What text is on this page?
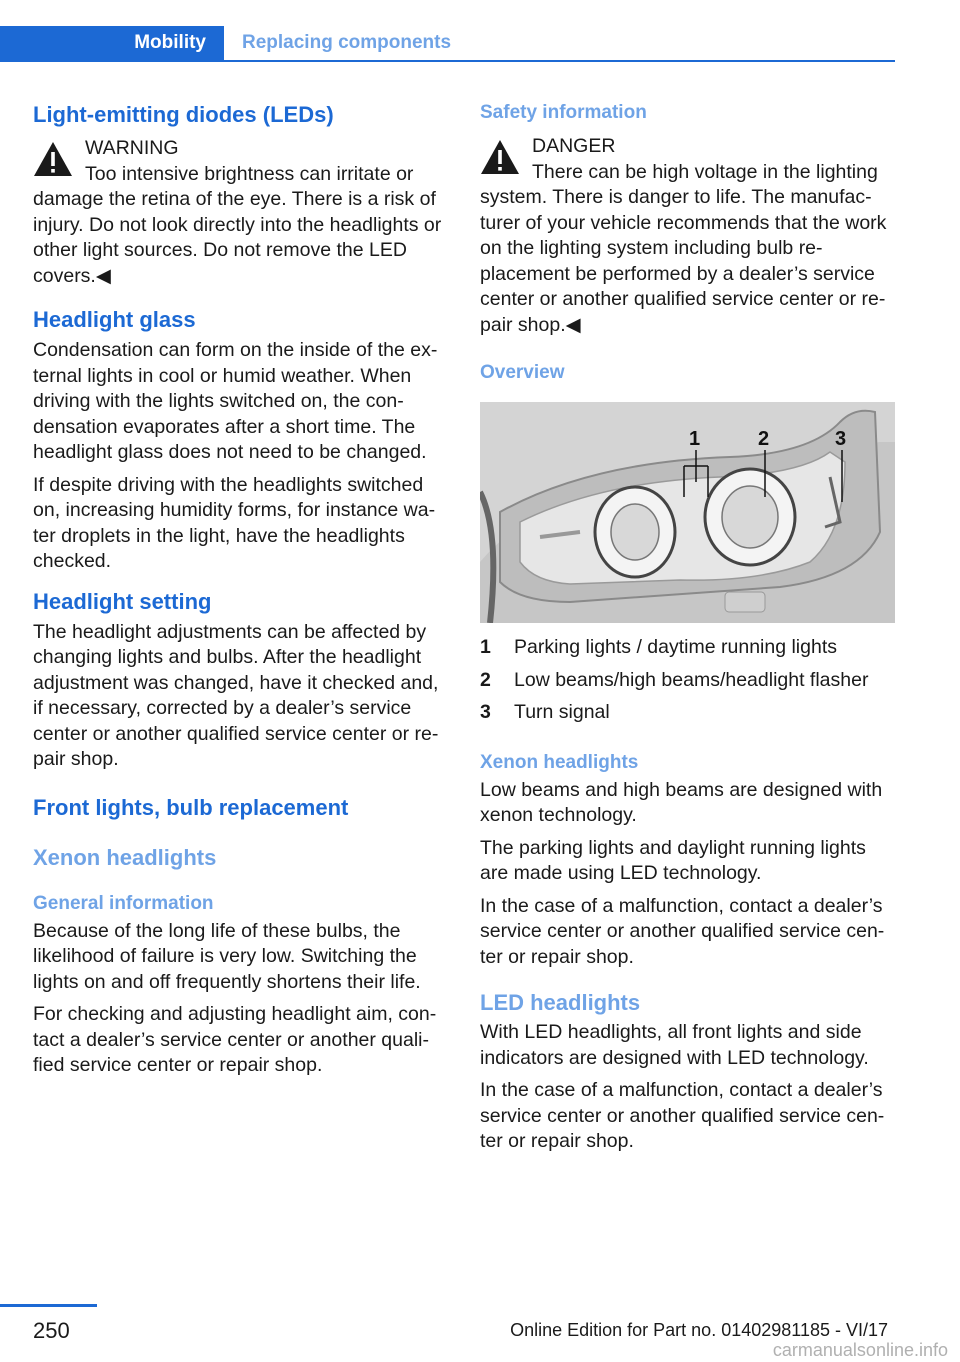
Mobility	Replacing components
Light-emitting diodes (LEDs)
WARNING
Too intensive brightness can irritate or

damage the retina of the eye. There is a risk of injury. Do not look directly into the headlights or other light sources. Do not remove the LED covers.◀

Headlight glass

Condensation can form on the inside of the external lights in cool or humid weather. When driving with the lights switched on, the condensation evaporates after a short time. The headlight glass does not need to be changed.

If despite driving with the headlights switched on, increasing humidity forms, for instance water droplets in the light, have the headlights checked.

Headlight setting

The headlight adjustments can be affected by changing lights and bulbs. After the headlight adjustment was changed, have it checked and, if necessary, corrected by a dealer’s service center or another qualified service center or repair shop.

Front lights, bulb replacement
Xenon headlights
General information

Because of the long life of these bulbs, the likelihood of failure is very low. Switching the lights on and off frequently shortens their life.

For checking and adjusting headlight aim, contact a dealer’s service center or another qualified service center or repair shop.

Safety information
DANGER
There can be high voltage in the lighting

system. There is danger to life. The manufacturer of your vehicle recommends that the work on the lighting system including bulb replacement be performed by a dealer’s service center or another qualified service center or repair shop.◀

Overview
1	2	3
1	Parking lights / daytime running lights
2	Low beams/high beams/headlight flasher
3	Turn signal
Xenon headlights

Low beams and high beams are designed with xenon technology.

The parking lights and daylight running lights are made using LED technology.

In the case of a malfunction, contact a dealer’s service center or another qualified service center or repair shop.

LED headlights

With LED headlights, all front lights and side indicators are designed with LED technology.

In the case of a malfunction, contact a dealer’s service center or another qualified service center or repair shop.

250	Online Edition for Part no. 01402981185 - VI/17
carmanualsonline.info
